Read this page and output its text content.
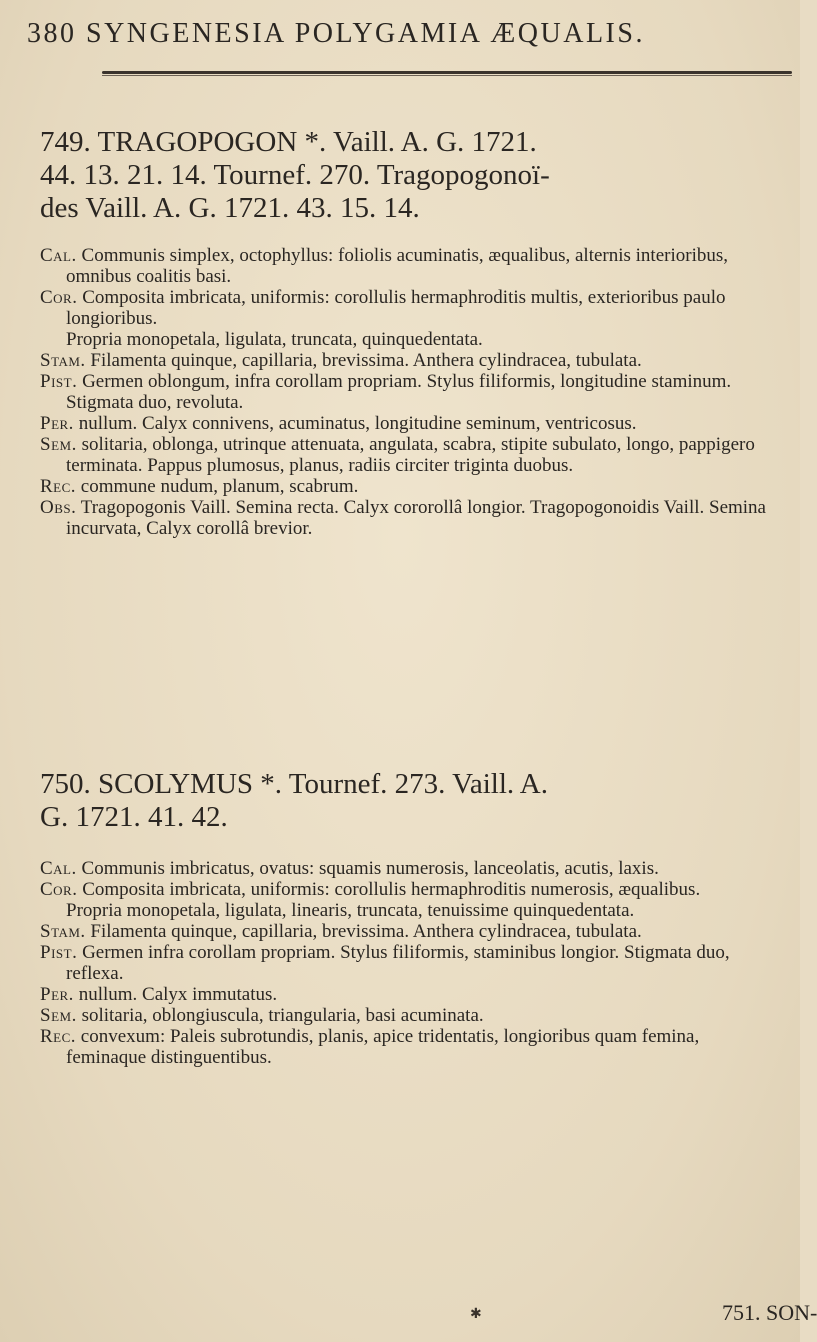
380 SYNGENESIA POLYGAMIA ÆQUALIS.

749. TRAGOPOGON *. Vaill. A. G. 1721.

44. 13. 21. 14. Tournef. 270. Tragopogonoï-

des Vaill. A. G. 1721. 43. 15. 14.

Cal. Communis simplex, octophyllus: foliolis acuminatis, æqualibus, alternis interioribus, omnibus coalitis basi.
Cor. Composita imbricata, uniformis: corollulis hermaphroditis multis, exterioribus paulo longioribus.
Propria monopetala, ligulata, truncata, quinquedentata.
Stam. Filamenta quinque, capillaria, brevissima. Anthera cylindracea, tubulata.
Pist. Germen oblongum, infra corollam propriam. Stylus filiformis, longitudine staminum. Stigmata duo, revoluta.
Per. nullum. Calyx connivens, acuminatus, longitudine seminum, ventricosus.
Sem. solitaria, oblonga, utrinque attenuata, angulata, scabra, stipite subulato, longo, pappigero terminata. Pappus plumosus, planus, radiis circiter triginta duobus.
Rec. commune nudum, planum, scabrum.
Obs. Tragopogonis Vaill. Semina recta. Calyx cororollâ longior. Tragopogonoidis Vaill. Semina incurvata, Calyx corollâ brevior.

750. SCOLYMUS *. Tournef. 273. Vaill. A.

G. 1721. 41. 42.

Cal. Communis imbricatus, ovatus: squamis numerosis, lanceolatis, acutis, laxis.
Cor. Composita imbricata, uniformis: corollulis hermaphroditis numerosis, æqualibus.
Propria monopetala, ligulata, linearis, truncata, tenuissime quinquedentata.
Stam. Filamenta quinque, capillaria, brevissima. Anthera cylindracea, tubulata.
Pist. Germen infra corollam propriam. Stylus filiformis, staminibus longior. Stigmata duo, reflexa.
Per. nullum. Calyx immutatus.
Sem. solitaria, oblongiuscula, triangularia, basi acuminata.
Rec. convexum: Paleis subrotundis, planis, apice tridentatis, longioribus quam femina, feminaque distinguentibus.
✱	751. SON-
